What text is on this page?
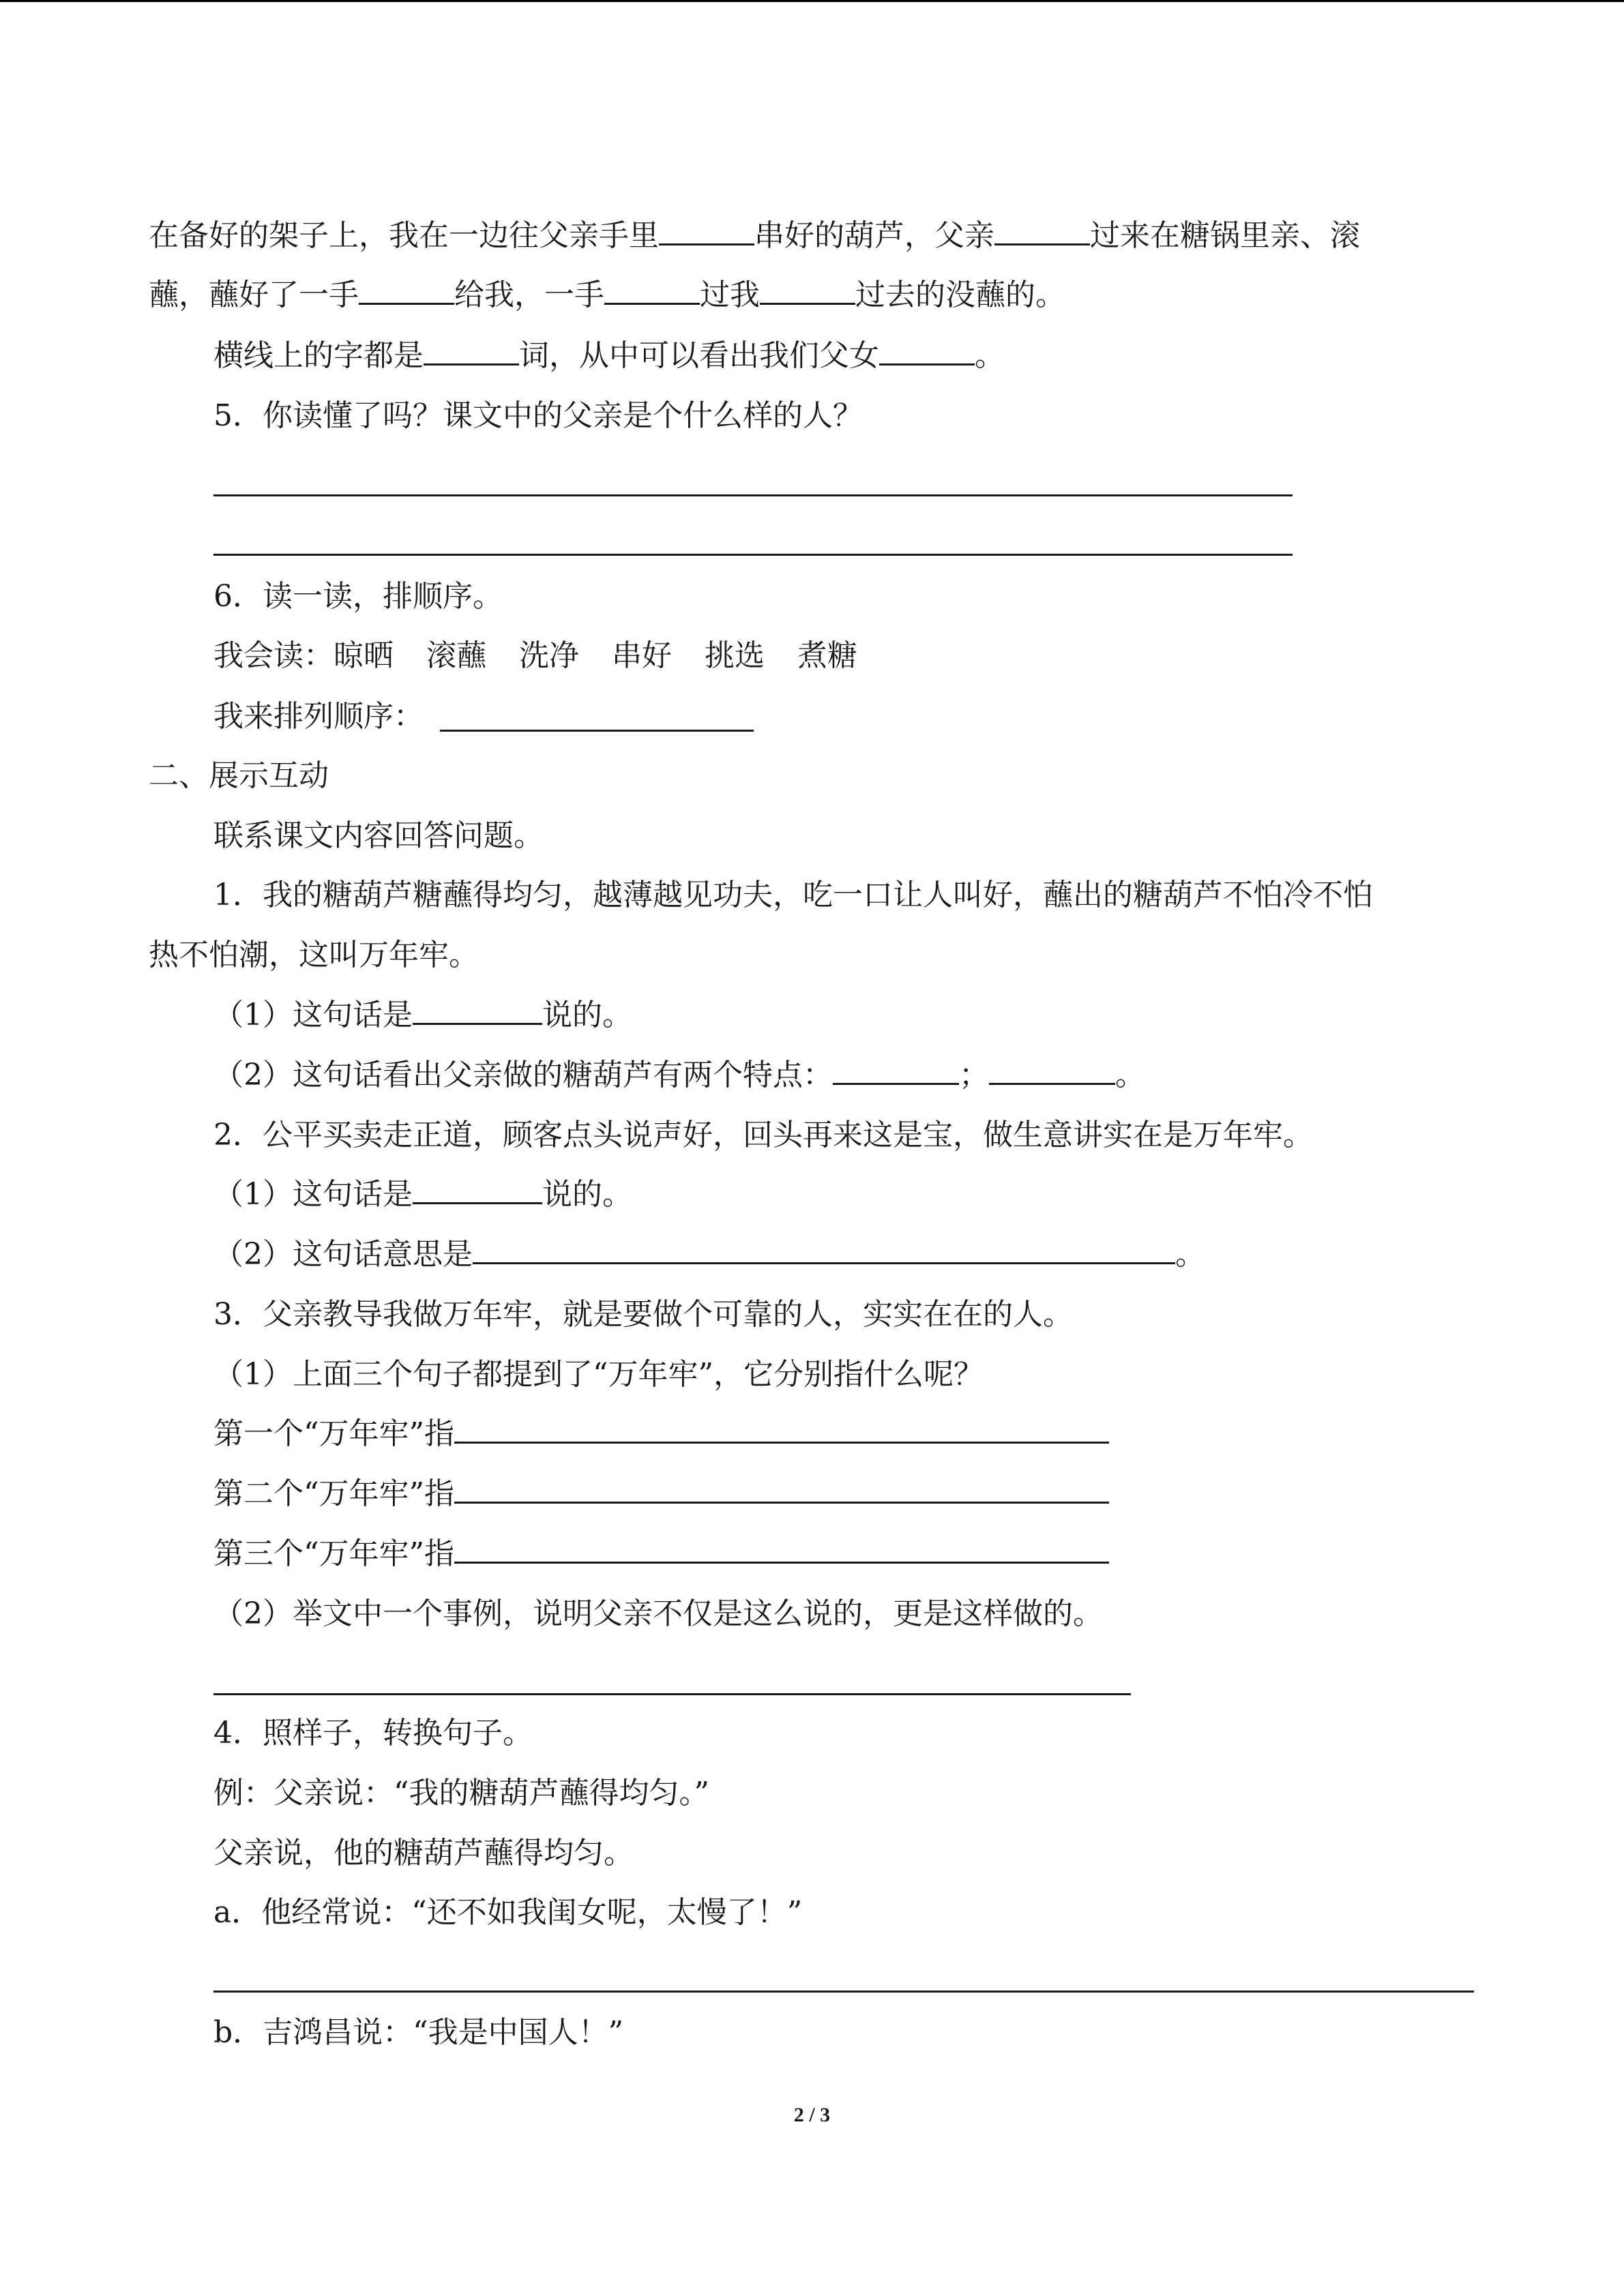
在备好的架子上，我在一边往父亲手里	串好的葫芦，父亲	过来在糖锅里亲、滚
蘸，蘸好了一手	给我，一手	过我	过去的没蘸的。
横线上的字都是	词，从中可以看出我们父女	。
5．你读懂了吗？课文中的父亲是个什么样的人？
6．读一读，排顺序。
我会读：晾晒 滚蘸 洗净 串好 挑选 煮糖
我来排列顺序：
二、展示互动
联系课文内容回答问题。
1．我的糖葫芦糖蘸得均匀，越薄越见功夫，吃一口让人叫好，蘸出的糖葫芦不怕冷不怕
热不怕潮，这叫万年牢。
（1）这句话是	说的。
（2）这句话看出父亲做的糖葫芦有两个特点：	；	。
2．公平买卖走正道，顾客点头说声好，回头再来这是宝，做生意讲实在是万年牢。
（1）这句话是	说的。
（2）这句话意思是	。
3．父亲教导我做万年牢，就是要做个可靠的人，实实在在的人。
（1）上面三个句子都提到了“万年牢”，它分别指什么呢？
第一个“万年牢”指
第二个“万年牢”指
第三个“万年牢”指
（2）举文中一个事例，说明父亲不仅是这么说的，更是这样做的。
4．照样子，转换句子。
例：父亲说：“我的糖葫芦蘸得均匀。”
父亲说，他的糖葫芦蘸得均匀。
a．他经常说：“还不如我闺女呢，太慢了！”
b．吉鸿昌说：“我是中国人！”
2 / 3
